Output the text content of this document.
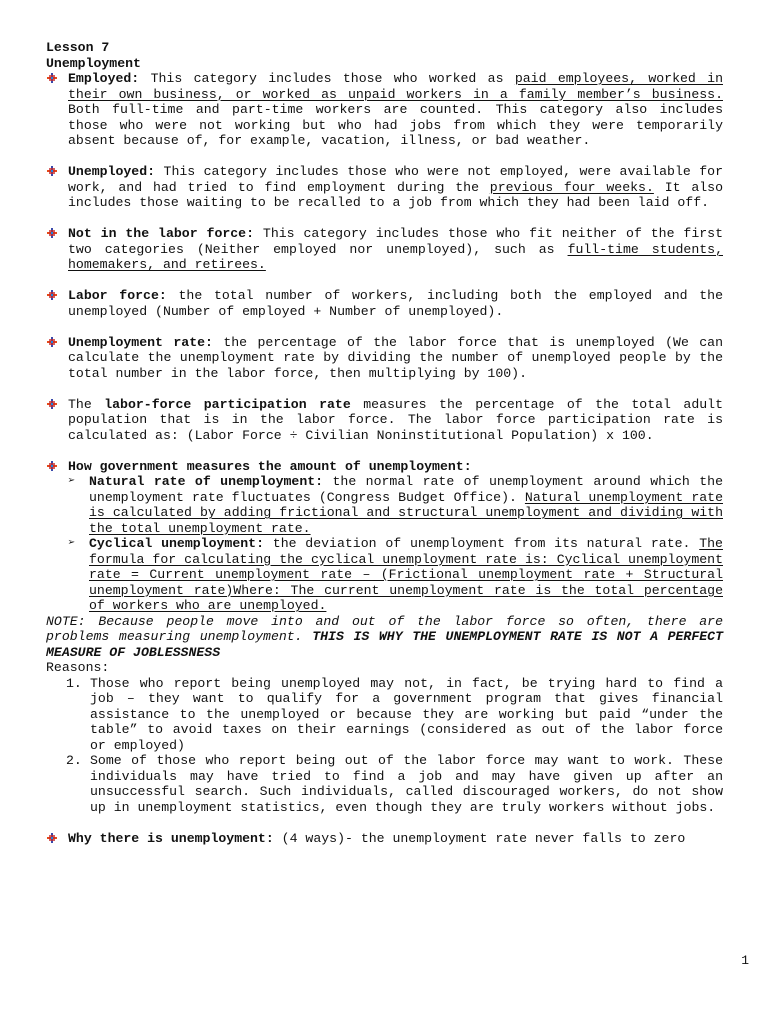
Lesson 7
Unemployment
Employed: This category includes those who worked as paid employees, worked in their own business, or worked as unpaid workers in a family member’s business. Both full-time and part-time workers are counted. This category also includes those who were not working but who had jobs from which they were temporarily absent because of, for example, vacation, illness, or bad weather.
Unemployed: This category includes those who were not employed, were available for work, and had tried to find employment during the previous four weeks. It also includes those waiting to be recalled to a job from which they had been laid off.
Not in the labor force: This category includes those who fit neither of the first two categories (Neither employed nor unemployed), such as full-time students, homemakers, and retirees.
Labor force: the total number of workers, including both the employed and the unemployed (Number of employed + Number of unemployed).
Unemployment rate: the percentage of the labor force that is unemployed (We can calculate the unemployment rate by dividing the number of unemployed people by the total number in the labor force, then multiplying by 100).
The labor-force participation rate measures the percentage of the total adult population that is in the labor force. The labor force participation rate is calculated as: (Labor Force ÷ Civilian Noninstitutional Population) x 100.
How government measures the amount of unemployment:
➢ Natural rate of unemployment: the normal rate of unemployment around which the unemployment rate fluctuates (Congress Budget Office). Natural unemployment rate is calculated by adding frictional and structural unemployment and dividing with the total unemployment rate.
➢ Cyclical unemployment: the deviation of unemployment from its natural rate. The formula for calculating the cyclical unemployment rate is: Cyclical unemployment rate = Current unemployment rate – (Frictional unemployment rate + Structural unemployment rate)Where: The current unemployment rate is the total percentage of workers who are unemployed.
NOTE: Because people move into and out of the labor force so often, there are problems measuring unemployment. THIS IS WHY THE UNEMPLOYMENT RATE IS NOT A PERFECT MEASURE OF JOBLESSNESS
Reasons:
1. Those who report being unemployed may not, in fact, be trying hard to find a job – they want to qualify for a government program that gives financial assistance to the unemployed or because they are working but paid “under the table” to avoid taxes on their earnings (considered as out of the labor force or employed)
2. Some of those who report being out of the labor force may want to work. These individuals may have tried to find a job and may have given up after an unsuccessful search. Such individuals, called discouraged workers, do not show up in unemployment statistics, even though they are truly workers without jobs.
Why there is unemployment: (4 ways)- the unemployment rate never falls to zero
1
